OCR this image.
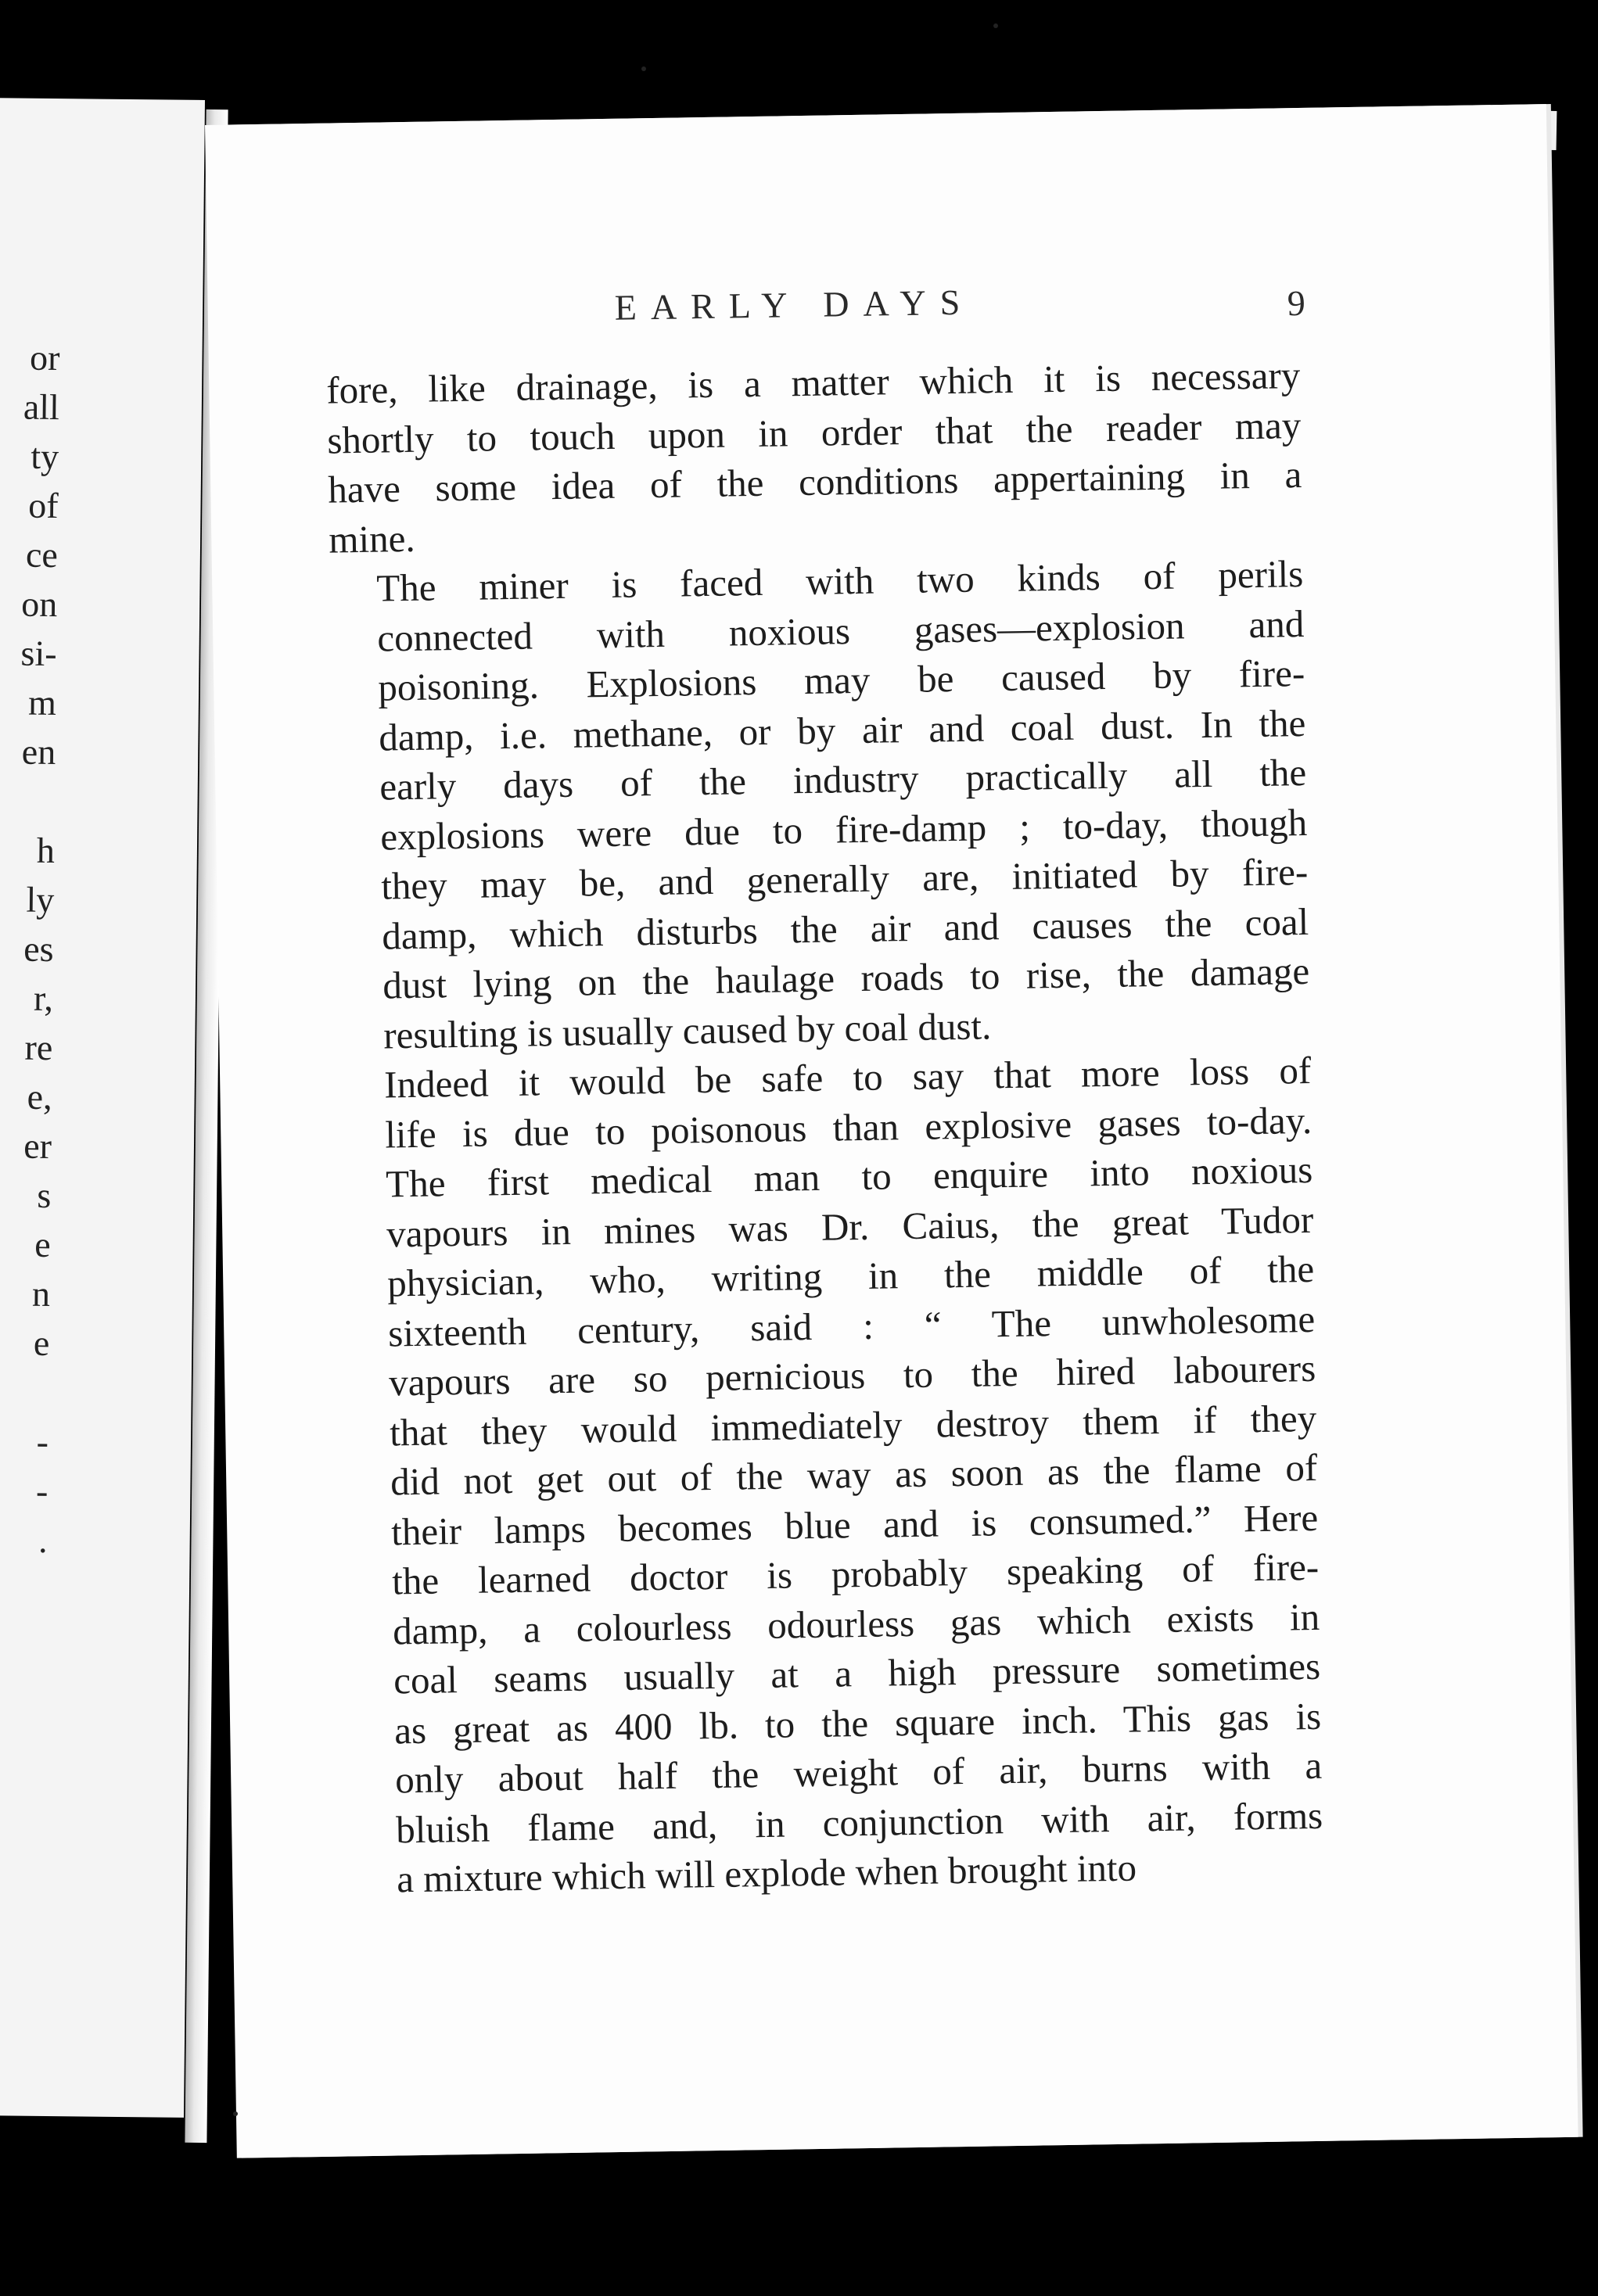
or
all
ty
of
ce
on
si-
m
en
h
ly
es
r,
re
e,
er
s
e
n
e
-
-
.
EARLY DAYS	9
fore, like drainage, is a matter which it is necessary
shortly to touch upon in order that the reader may
have some idea of the conditions appertaining in a
mine.
The miner is faced with two kinds of perils
connected with noxious gases—explosion and
poisoning. Explosions may be caused by fire-
damp, i.e. methane, or by air and coal dust. In the
early days of the industry practically all the
explosions were due to fire-damp ; to-day, though
they may be, and generally are, initiated by fire-
damp, which disturbs the air and causes the coal
dust lying on the haulage roads to rise, the damage
resulting is usually caused by coal dust.
Indeed it would be safe to say that more loss of
life is due to poisonous than explosive gases to-day.
The first medical man to enquire into noxious
vapours in mines was Dr. Caius, the great Tudor
physician, who, writing in the middle of the
sixteenth century, said : “ The unwholesome
vapours are so pernicious to the hired labourers
that they would immediately destroy them if they
did not get out of the way as soon as the flame of
their lamps becomes blue and is consumed.” Here
the learned doctor is probably speaking of fire-
damp, a colourless odourless gas which exists in
coal seams usually at a high pressure sometimes
as great as 400 lb. to the square inch. This gas is
only about half the weight of air, burns with a
bluish flame and, in conjunction with air, forms
a mixture which will explode when brought into
